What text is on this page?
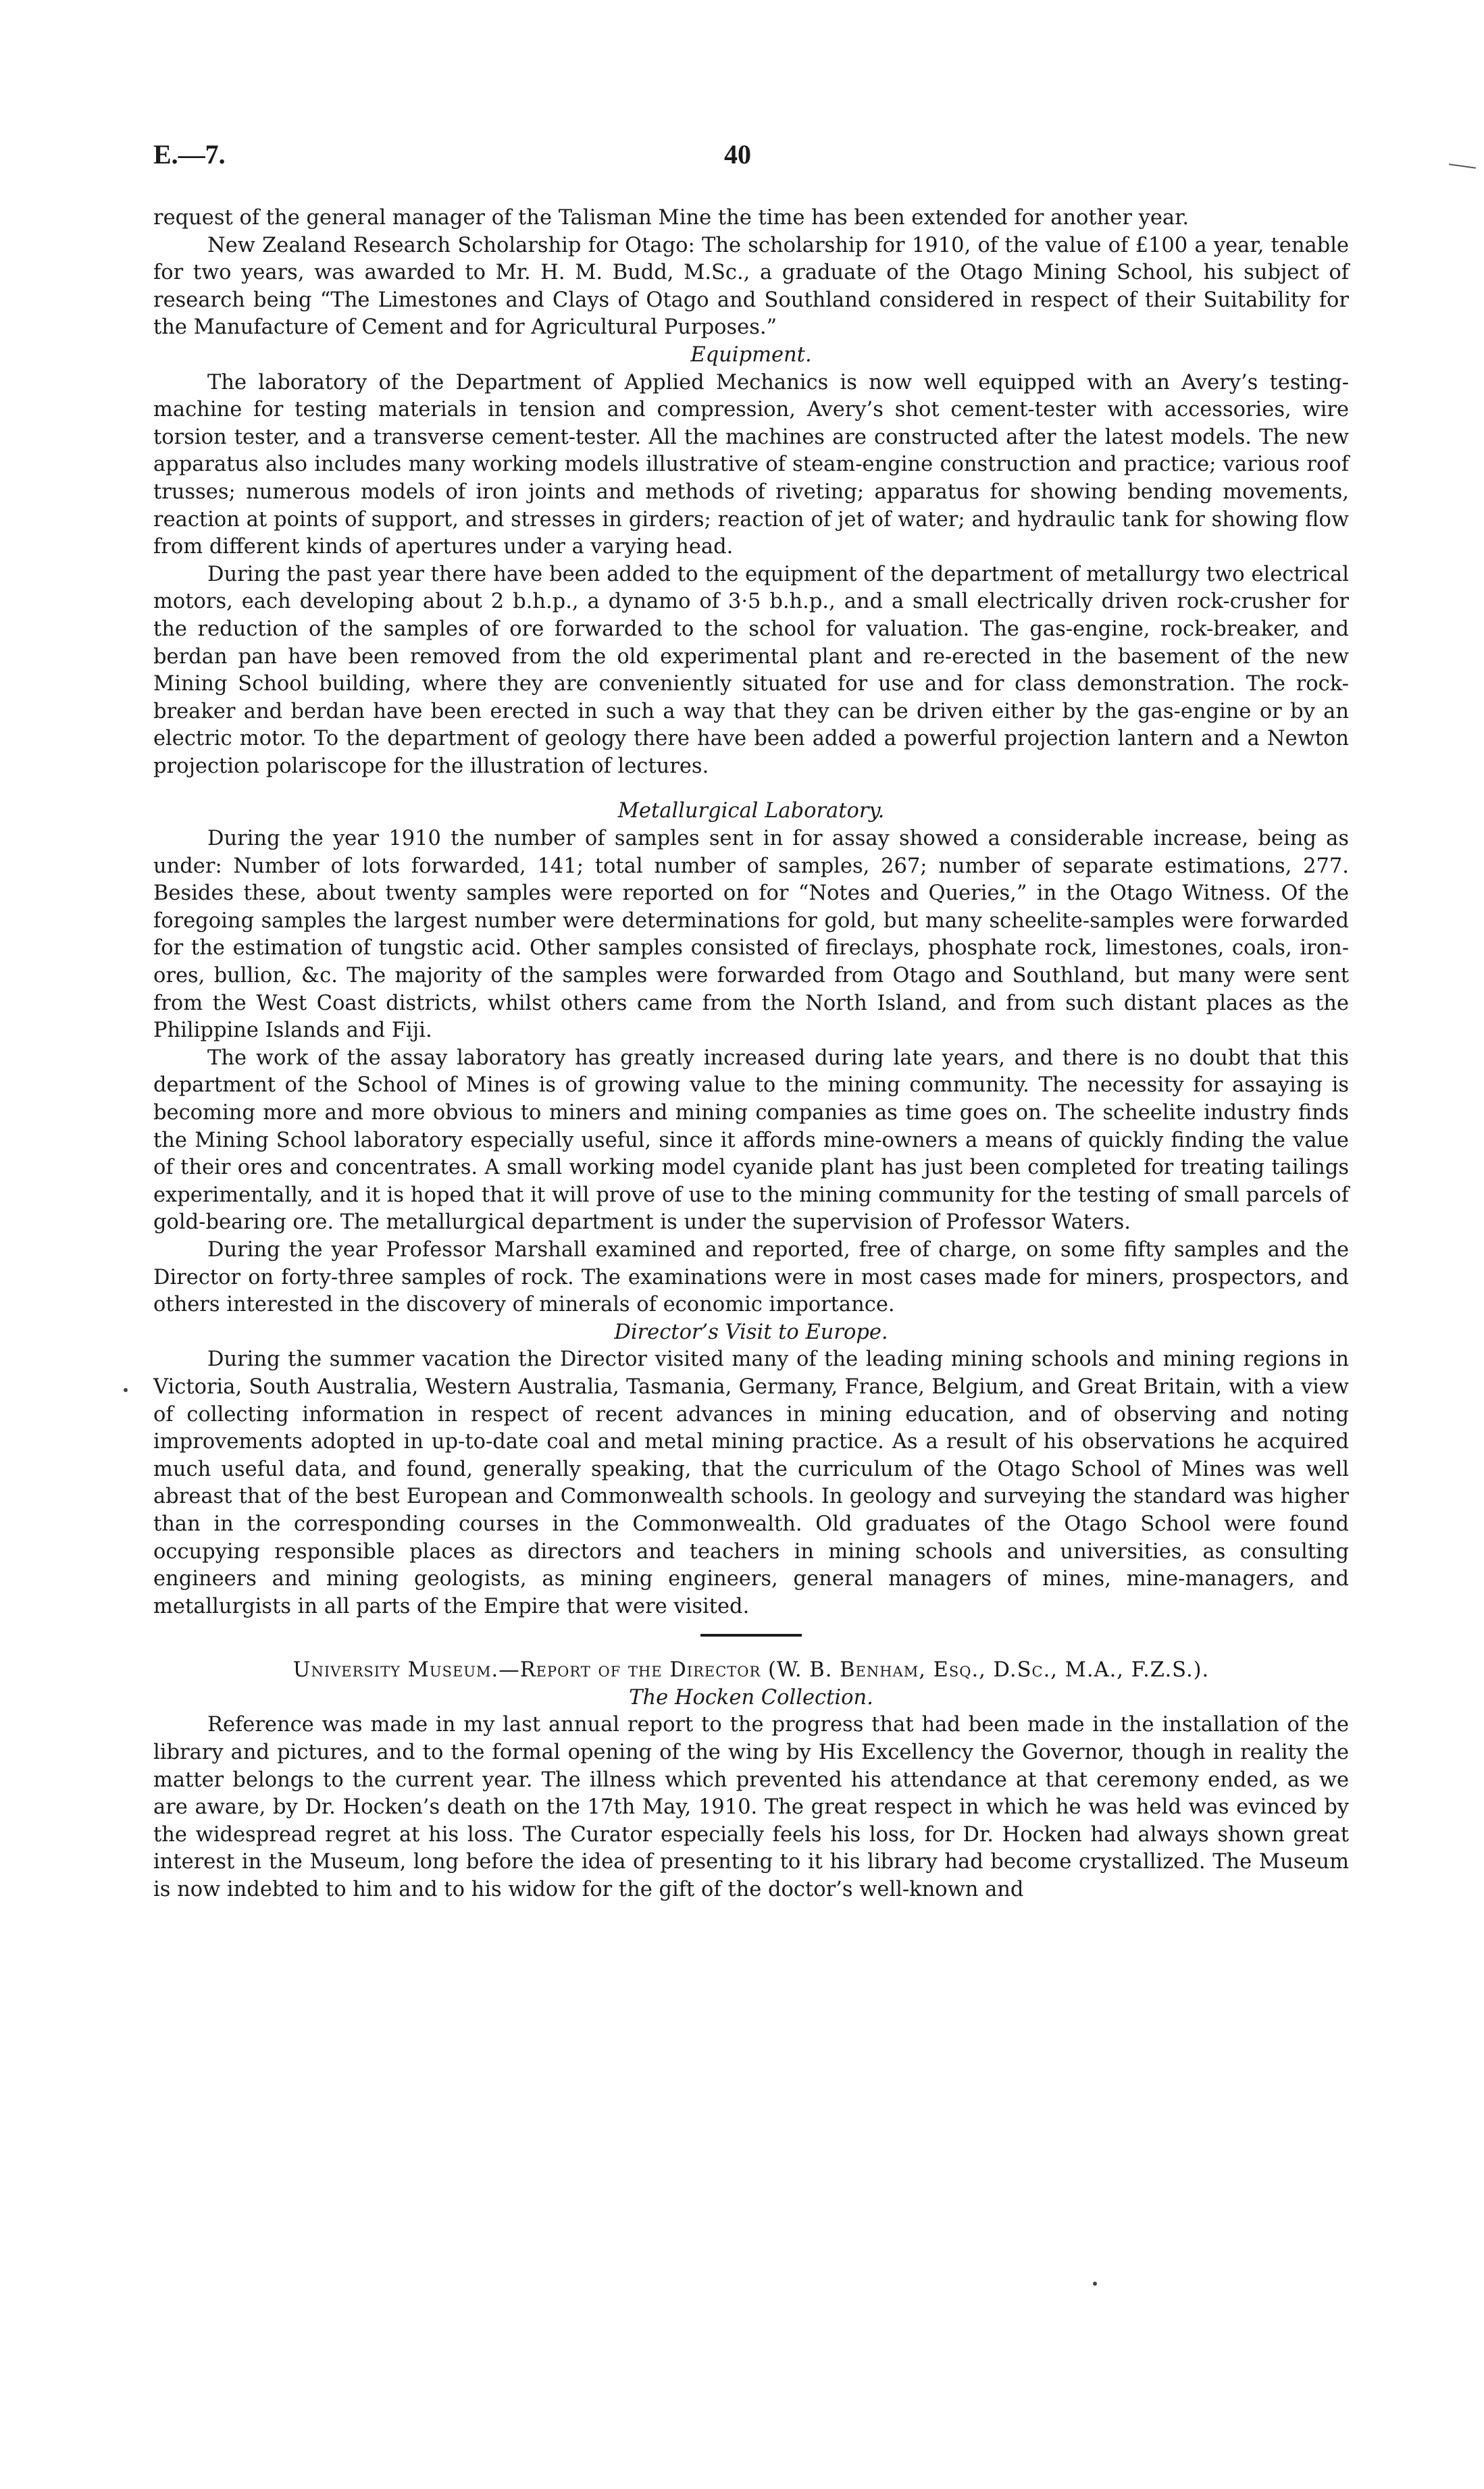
E.—7.	40

request of the general manager of the Talisman Mine the time has been extended for another year.

New Zealand Research Scholarship for Otago: The scholarship for 1910, of the value of £100 a year, tenable for two years, was awarded to Mr. H. M. Budd, M.Sc., a graduate of the Otago Mining School, his subject of research being “The Limestones and Clays of Otago and Southland considered in respect of their Suitability for the Manufacture of Cement and for Agricultural Purposes.”

Equipment.

The laboratory of the Department of Applied Mechanics is now well equipped with an Avery’s testing-machine for testing materials in tension and compression, Avery’s shot cement-tester with accessories, wire torsion tester, and a transverse cement-tester. All the machines are constructed after the latest models. The new apparatus also includes many working models illustrative of steam-engine construction and practice; various roof trusses; numerous models of iron joints and methods of riveting; apparatus for showing bending movements, reaction at points of support, and stresses in girders; reaction of jet of water; and hydraulic tank for showing flow from different kinds of apertures under a varying head.

During the past year there have been added to the equipment of the department of metallurgy two electrical motors, each developing about 2 b.h.p., a dynamo of 3·5 b.h.p., and a small electrically driven rock-crusher for the reduction of the samples of ore forwarded to the school for valuation. The gas-engine, rock-breaker, and berdan pan have been removed from the old experimental plant and re-erected in the basement of the new Mining School building, where they are conveniently situated for use and for class demonstration. The rock-breaker and berdan have been erected in such a way that they can be driven either by the gas-engine or by an electric motor. To the department of geology there have been added a powerful projection lantern and a Newton projection polariscope for the illustration of lectures.

Metallurgical Laboratory.

During the year 1910 the number of samples sent in for assay showed a considerable increase, being as under: Number of lots forwarded, 141; total number of samples, 267; number of separate estimations, 277. Besides these, about twenty samples were reported on for “Notes and Queries,” in the Otago Witness. Of the foregoing samples the largest number were determinations for gold, but many scheelite-samples were forwarded for the estimation of tungstic acid. Other samples consisted of fireclays, phosphate rock, limestones, coals, iron-ores, bullion, &c. The majority of the samples were forwarded from Otago and Southland, but many were sent from the West Coast districts, whilst others came from the North Island, and from such distant places as the Philippine Islands and Fiji.

The work of the assay laboratory has greatly increased during late years, and there is no doubt that this department of the School of Mines is of growing value to the mining community. The necessity for assaying is becoming more and more obvious to miners and mining companies as time goes on. The scheelite industry finds the Mining School laboratory especially useful, since it affords mine-owners a means of quickly finding the value of their ores and concentrates. A small working model cyanide plant has just been completed for treating tailings experimentally, and it is hoped that it will prove of use to the mining community for the testing of small parcels of gold-bearing ore. The metallurgical department is under the supervision of Professor Waters.

During the year Professor Marshall examined and reported, free of charge, on some fifty samples and the Director on forty-three samples of rock. The examinations were in most cases made for miners, prospectors, and others interested in the discovery of minerals of economic importance.

Director’s Visit to Europe.

During the summer vacation the Director visited many of the leading mining schools and mining regions in Victoria, South Australia, Western Australia, Tasmania, Germany, France, Belgium, and Great Britain, with a view of collecting information in respect of recent advances in mining education, and of observing and noting improvements adopted in up-to-date coal and metal mining practice. As a result of his observations he acquired much useful data, and found, generally speaking, that the curriculum of the Otago School of Mines was well abreast that of the best European and Commonwealth schools. In geology and surveying the standard was higher than in the corresponding courses in the Commonwealth. Old graduates of the Otago School were found occupying responsible places as directors and teachers in mining schools and universities, as consulting engineers and mining geologists, as mining engineers, general managers of mines, mine-managers, and metallurgists in all parts of the Empire that were visited.

University Museum.—Report of the Director (W. B. Benham, Esq., D.Sc., M.A., F.Z.S.).

The Hocken Collection.

Reference was made in my last annual report to the progress that had been made in the installation of the library and pictures, and to the formal opening of the wing by His Excellency the Governor, though in reality the matter belongs to the current year. The illness which prevented his attendance at that ceremony ended, as we are aware, by Dr. Hocken’s death on the 17th May, 1910. The great respect in which he was held was evinced by the widespread regret at his loss. The Curator especially feels his loss, for Dr. Hocken had always shown great interest in the Museum, long before the idea of presenting to it his library had become crystallized. The Museum is now indebted to him and to his widow for the gift of the doctor’s well-known and
